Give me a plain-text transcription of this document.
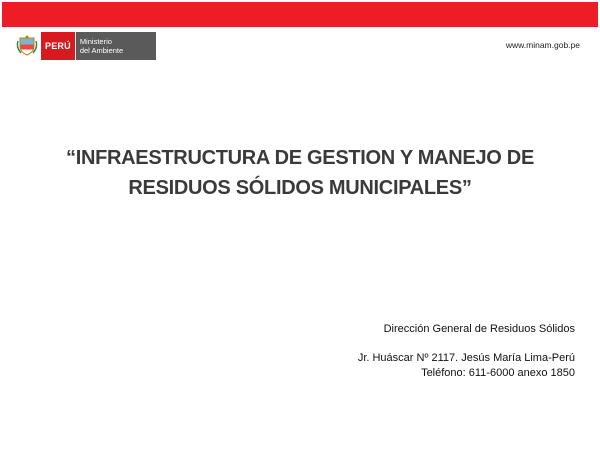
PERÚ	Ministerio
del Ambiente
www.minam.gob.pe
“INFRAESTRUCTURA DE GESTION Y MANEJO DE
RESIDUOS SÓLIDOS MUNICIPALES”
Dirección General de Residuos Sólidos
Jr. Huáscar Nº 2117. Jesús María Lima-Perú
Teléfono: 611-6000 anexo 1850
